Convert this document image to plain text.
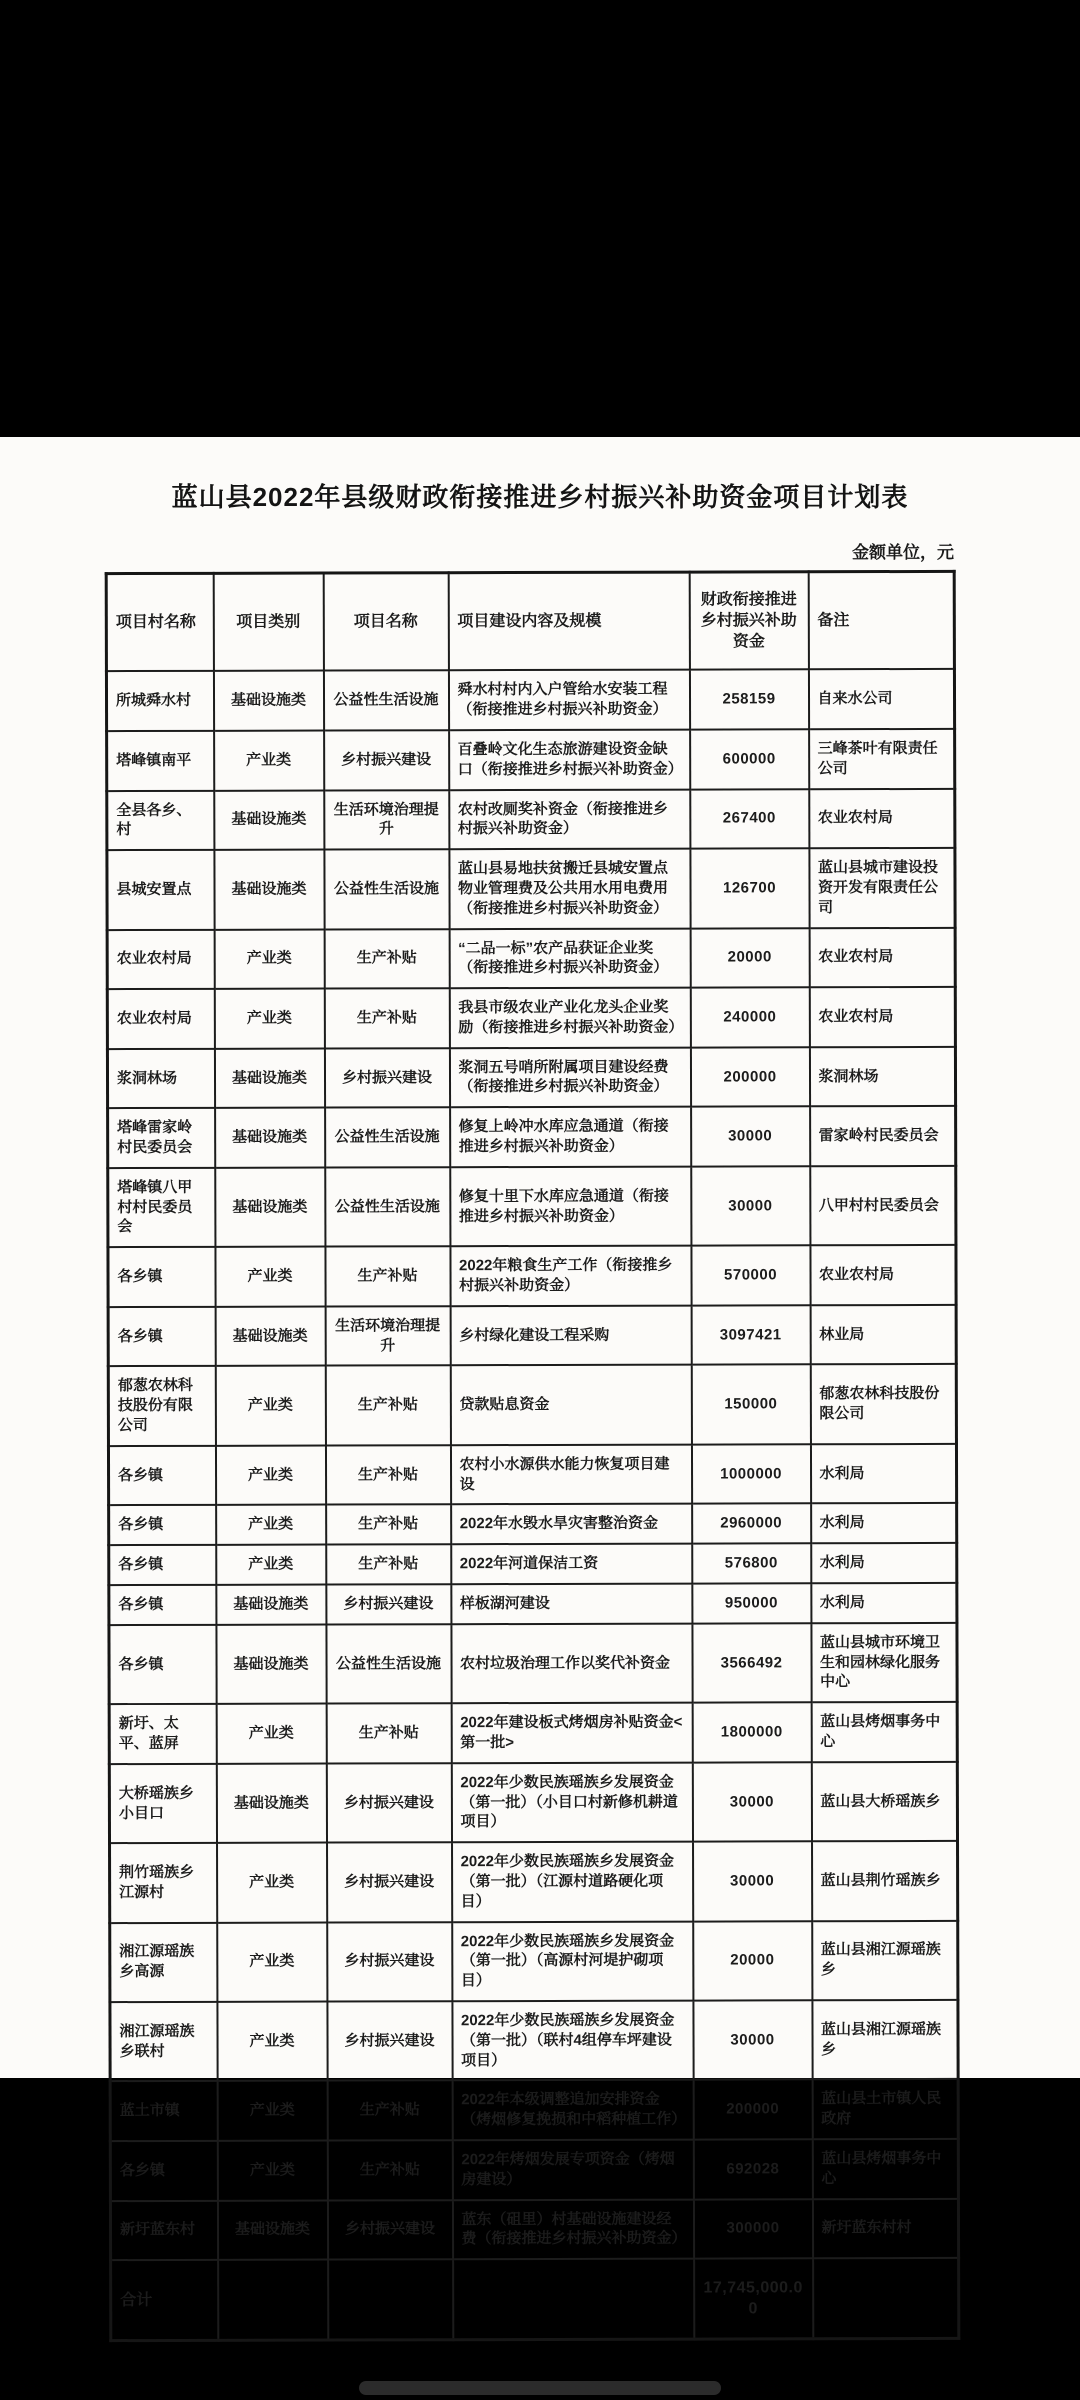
蓝山县2022年县级财政衔接推进乡村振兴补助资金项目计划表
金额单位，元
项目村名称	项目类别	项目名称	项目建设内容及规模	财政衔接推进乡村振兴补助资金	备注
所城舜水村	基础设施类	公益性生活设施	舜水村村内入户管给水安装工程（衔接推进乡村振兴补助资金）	258159	自来水公司
塔峰镇南平	产业类	乡村振兴建设	百叠岭文化生态旅游建设资金缺口（衔接推进乡村振兴补助资金）	600000	三峰茶叶有限责任公司
全县各乡、村	基础设施类	生活环境治理提升	农村改厕奖补资金（衔接推进乡村振兴补助资金）	267400	农业农村局
县城安置点	基础设施类	公益性生活设施	蓝山县易地扶贫搬迁县城安置点物业管理费及公共用水用电费用（衔接推进乡村振兴补助资金）	126700	蓝山县城市建设投资开发有限责任公司
农业农村局	产业类	生产补贴	“二品一标”农产品获证企业奖（衔接推进乡村振兴补助资金）	20000	农业农村局
农业农村局	产业类	生产补贴	我县市级农业产业化龙头企业奖励（衔接推进乡村振兴补助资金）	240000	农业农村局
浆洞林场	基础设施类	乡村振兴建设	浆洞五号哨所附属项目建设经费（衔接推进乡村振兴补助资金）	200000	浆洞林场
塔峰雷家岭村民委员会	基础设施类	公益性生活设施	修复上岭冲水库应急通道（衔接推进乡村振兴补助资金）	30000	雷家岭村民委员会
塔峰镇八甲村村民委员会	基础设施类	公益性生活设施	修复十里下水库应急通道（衔接推进乡村振兴补助资金）	30000	八甲村村民委员会
各乡镇	产业类	生产补贴	2022年粮食生产工作（衔接推乡村振兴补助资金）	570000	农业农村局
各乡镇	基础设施类	生活环境治理提升	乡村绿化建设工程采购	3097421	林业局
郁葱农林科技股份有限公司	产业类	生产补贴	贷款贴息资金	150000	郁葱农林科技股份限公司
各乡镇	产业类	生产补贴	农村小水源供水能力恢复项目建设	1000000	水利局
各乡镇	产业类	生产补贴	2022年水毁水旱灾害整治资金	2960000	水利局
各乡镇	产业类	生产补贴	2022年河道保洁工资	576800	水利局
各乡镇	基础设施类	乡村振兴建设	样板湖河建设	950000	水利局
各乡镇	基础设施类	公益性生活设施	农村垃圾治理工作以奖代补资金	3566492	蓝山县城市环境卫生和园林绿化服务中心
新圩、太平、蓝屏	产业类	生产补贴	2022年建设板式烤烟房补贴资金<第一批>	1800000	蓝山县烤烟事务中心
大桥瑶族乡小目口	基础设施类	乡村振兴建设	2022年少数民族瑶族乡发展资金（第一批）（小目口村新修机耕道项目）	30000	蓝山县大桥瑶族乡
荆竹瑶族乡江源村	产业类	乡村振兴建设	2022年少数民族瑶族乡发展资金（第一批）（江源村道路硬化项目）	30000	蓝山县荆竹瑶族乡
湘江源瑶族乡高源	产业类	乡村振兴建设	2022年少数民族瑶族乡发展资金（第一批）（高源村河堤护砌项目）	20000	蓝山县湘江源瑶族乡
湘江源瑶族乡联村	产业类	乡村振兴建设	2022年少数民族瑶族乡发展资金（第一批）（联村4组停车坪建设项目）	30000	蓝山县湘江源瑶族乡
蓝土市镇	产业类	生产补贴	2022年本级调整追加安排资金（烤烟修复挽损和中稻种植工作）	200000	蓝山县土市镇人民政府
各乡镇	产业类	生产补贴	2022年烤烟发展专项资金（烤烟房建设）	692028	蓝山县烤烟事务中心
新圩蓝东村	基础设施类	乡村振兴建设	蓝东（砠里）村基础设施建设经费（衔接推进乡村振兴补助资金）	300000	新圩蓝东村村
合计				17,745,000.00	
